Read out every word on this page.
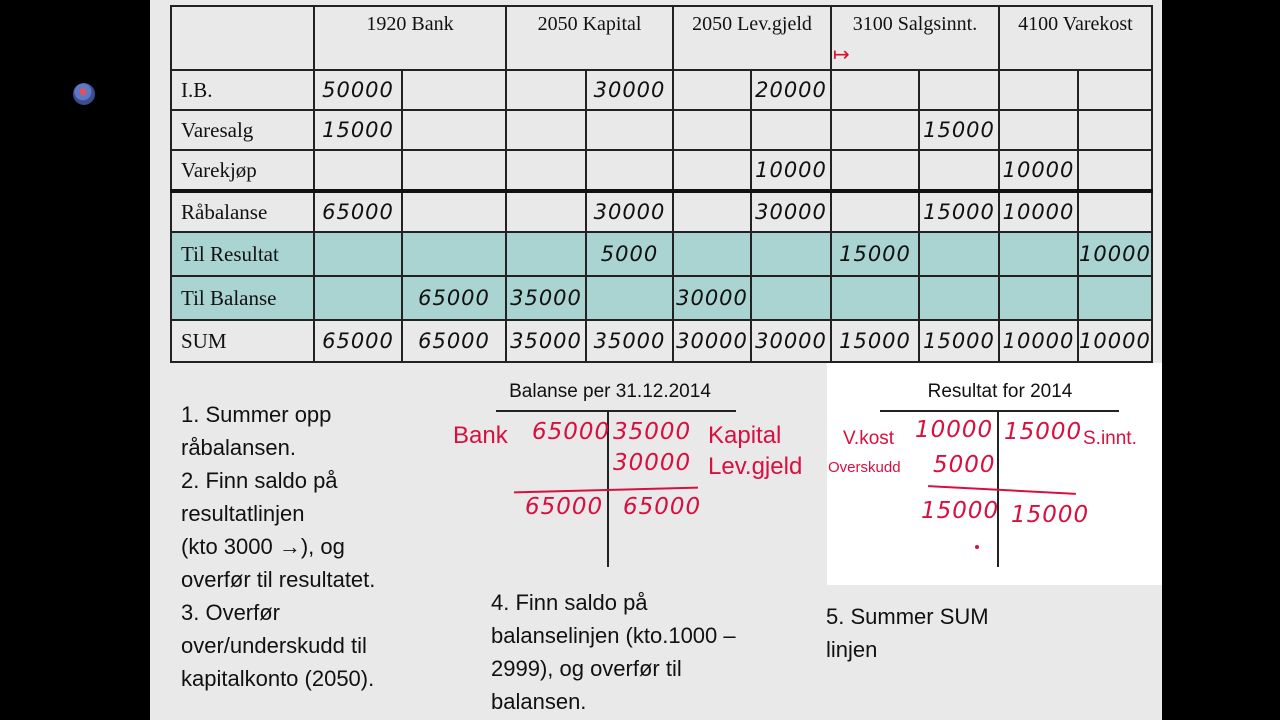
	1920 Bank		2050 Kapital		2050 Lev.gjeld		3100 Salgsinnt.		4100 Varekost	
I.B.	50000			30000		20000				
Varesalg	15000							15000		
Varekjøp						10000			10000	
Råbalanse	65000			30000		30000		15000	10000	
Til Resultat				5000			15000			10000
Til Balanse		65000	35000		30000					
SUM	65000	65000	35000	35000	30000	30000	15000	15000	10000	10000
↦
1. Summer opp
råbalansen.
2. Finn saldo på
resultatlinjen
(kto 3000 →), og
overfør til resultatet.
3. Overfør
over/underskudd til
kapitalkonto (2050).
4. Finn saldo på
balanselinjen (kto.1000 –
2999), og overfør til
balansen.
5. Summer SUM
linjen
Balanse per 31.12.2014
Bank 65000 35000 Kapital
30000 Lev.gjeld
65000 65000
Resultat for 2014
V.kost 10000 15000 S.innt.
Overskudd 5000
15000 15000
